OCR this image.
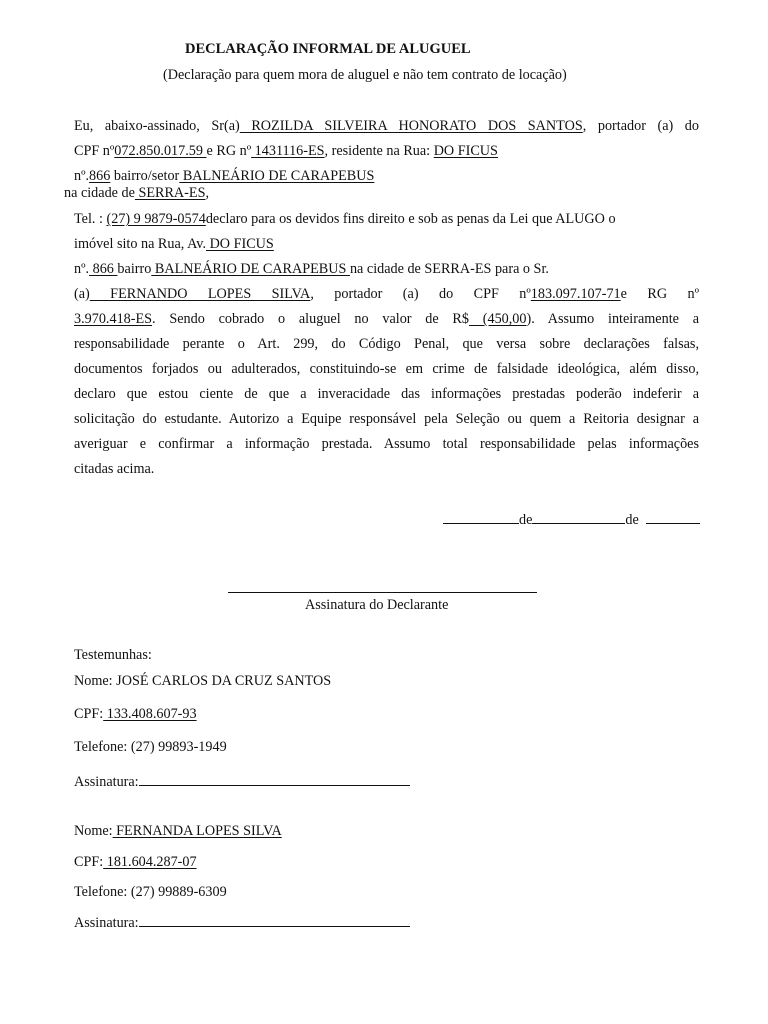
DECLARAÇÃO INFORMAL DE ALUGUEL
(Declaração para quem mora de aluguel e não tem contrato de locação)
Eu, abaixo-assinado, Sr(a) ROZILDA SILVEIRA HONORATO DOS SANTOS, portador (a) do
CPF nº072.850.017.59 e RG nº 1431116-ES, residente na Rua: DO FICUS
nº.866 bairro/setor BALNEÁRIO DE CARAPEBUS
na cidade de SERRA-ES,
Tel. : (27) 9 9879-0574declaro para os devidos fins direito e sob as penas da Lei que ALUGO o
imóvel sito na Rua, Av. DO FICUS
nº. 866 bairro BALNEÁRIO DE CARAPEBUS na cidade de SERRA-ES para o Sr.
(a) FERNANDO LOPES SILVA, portador (a) do CPF nº183.097.107-71e RG nº
3.970.418-ES. Sendo cobrado o aluguel no valor de R$ (450,00). Assumo inteiramente a
responsabilidade perante o Art. 299, do Código Penal, que versa sobre declarações falsas,
documentos forjados ou adulterados, constituindo-se em crime de falsidade ideológica, além disso,
declaro que estou ciente de que a inveracidade das informações prestadas poderão indeferir a
solicitação do estudante. Autorizo a Equipe responsável pela Seleção ou quem a Reitoria designar a
averiguar e confirmar a informação prestada. Assumo total responsabilidade pelas informações
citadas acima.
de	de
Assinatura do Declarante
Testemunhas:
Nome: JOSÉ CARLOS DA CRUZ SANTOS
CPF: 133.408.607-93
Telefone: (27) 99893-1949
Assinatura:
Nome: FERNANDA LOPES SILVA
CPF: 181.604.287-07
Telefone: (27) 99889-6309
Assinatura:
